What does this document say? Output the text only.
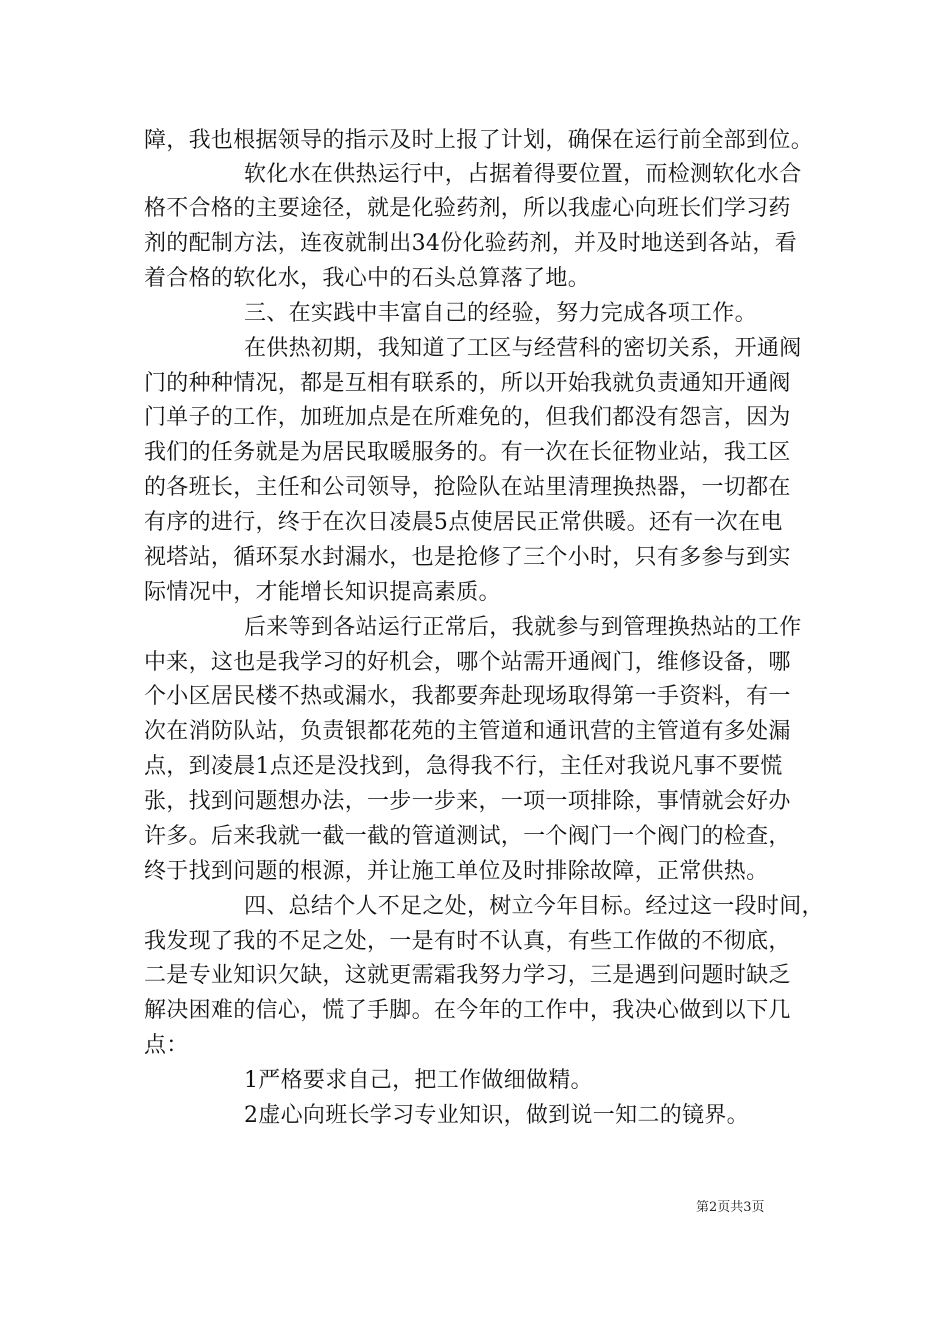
障，我也根据领导的指示及时上报了计划，确保在运行前全部到位。
软化水在供热运行中，占据着得要位置，而检测软化水合
格不合格的主要途径，就是化验药剂，所以我虚心向班长们学习药
剂的配制方法，连夜就制出34份化验药剂，并及时地送到各站，看
着合格的软化水，我心中的石头总算落了地。
三、在实践中丰富自己的经验，努力完成各项工作。
在供热初期，我知道了工区与经营科的密切关系，开通阀
门的种种情况，都是互相有联系的，所以开始我就负责通知开通阀
门单子的工作，加班加点是在所难免的，但我们都没有怨言，因为
我们的任务就是为居民取暖服务的。有一次在长征物业站，我工区
的各班长，主任和公司领导，抢险队在站里清理换热器，一切都在
有序的进行，终于在次日凌晨5点使居民正常供暖。还有一次在电
视塔站，循环泵水封漏水，也是抢修了三个小时，只有多参与到实
际情况中，才能增长知识提高素质。
后来等到各站运行正常后，我就参与到管理换热站的工作
中来，这也是我学习的好机会，哪个站需开通阀门，维修设备，哪
个小区居民楼不热或漏水，我都要奔赴现场取得第一手资料，有一
次在消防队站，负责银都花苑的主管道和通讯营的主管道有多处漏
点，到凌晨1点还是没找到，急得我不行，主任对我说凡事不要慌
张，找到问题想办法，一步一步来，一项一项排除，事情就会好办
许多。后来我就一截一截的管道测试，一个阀门一个阀门的检查，
终于找到问题的根源，并让施工单位及时排除故障，正常供热。
四、总结个人不足之处，树立今年目标。经过这一段时间，
我发现了我的不足之处，一是有时不认真，有些工作做的不彻底，
二是专业知识欠缺，这就更需霜我努力学习，三是遇到问题时缺乏
解决困难的信心，慌了手脚。在今年的工作中，我决心做到以下几
点：
1严格要求自己，把工作做细做精。
2虚心向班长学习专业知识，做到说一知二的镜界。
第2页共3页
